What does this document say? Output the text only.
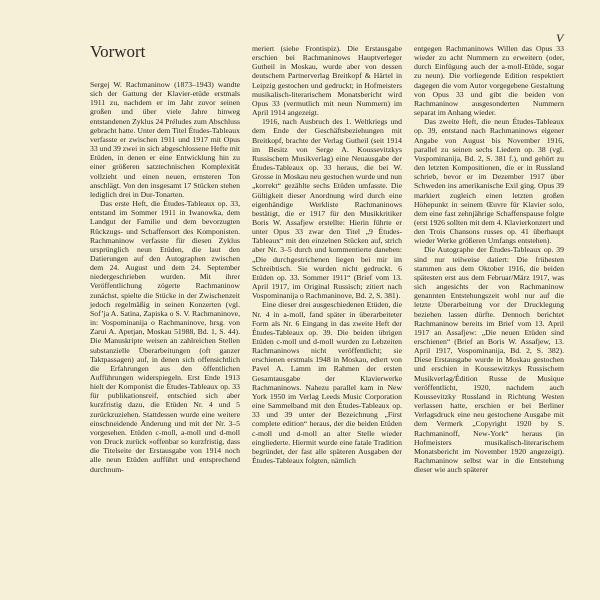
V
Vorwort

Sergej W. Rachmaninow (1873–1943) wandte sich der Gattung der Klavier-etüde erstmals 1911 zu, nachdem er im Jahr zuvor seinen großen und über viele Jahre hinweg entstandenen Zyklus 24 Préludes zum Abschluss gebracht hatte. Unter dem Titel Études-Tableaux verfasste er zwischen 1911 und 1917 mit Opus 33 und 39 zwei in sich abgeschlossene Hefte mit Etüden, in denen er eine Entwicklung hin zu einer größeren satztechnischen Komplexität vollzieht und einen neuen, ernsteren Ton anschlägt. Von den insgesamt 17 Stücken stehen lediglich drei in Dur-Tonarten.

Das erste Heft, die Études-Tableaux op. 33, entstand im Sommer 1911 in Iwanowka, dem Landgut der Familie und dem bevorzugten Rückzugs- und Schaffensort des Komponisten. Rachmaninow verfasste für diesen Zyklus ursprünglich neun Etüden, die laut den Datierungen auf den Autographen zwischen dem 24. August und dem 24. September niedergeschrieben wurden. Mit ihrer Veröffentlichung zögerte Rachmaninow zunächst, spielte die Stücke in der Zwischenzeit jedoch regelmäßig in seinen Konzerten (vgl. Sof’ja A. Satina, Zapiska o S. V. Rachmaninove, in: Vospominanija o Rachmaninove, hrsg. von Zarui A. Apetjan, Moskau 51988, Bd. 1, S. 44). Die Manuskripte weisen an zahlreichen Stellen substanzielle Überarbeitungen (oft ganzer Taktpassagen) auf, in denen sich offensichtlich die Erfahrungen aus den öffentlichen Aufführungen widerspiegeln. Erst Ende 1913 hielt der Komponist die Études-Tableaux op. 33 für publikationsreif, entschied sich aber kurzfristig dazu, die Etüden Nr. 4 und 5 zurückzuziehen. Stattdessen wurde eine weitere einschneidende Änderung und mit der Nr. 3–5 vorgesehen. Etüden c-moll, a-moll und d-moll von Druck zurück »offenbar so kurzfristig, dass die Titelseite der Erstausgabe von 1914 noch alle neun Etüden aufführt und entsprechend durchnum-

meriert (siehe Frontispiz). Die Erstausgabe erschien bei Rachmaninows Hauptverleger Gutheil in Moskau, wurde aber von dessen deutschem Partnerverlag Breitkopf & Härtel in Leipzig gestochen und gedruckt; in Hofmeisters musikalisch-literarischem Monatsbericht wird Opus 33 (vermutlich mit neun Nummern) im April 1914 angezeigt.

1916, nach Ausbruch des 1. Weltkriegs und dem Ende der Geschäftsbeziehungen mit Breitkopf, brachte der Verlag Gutheil (seit 1914 im Besitz von Serge A. Koussevitzkys Russischem Musikverlag) eine Neuausgabe der Études-Tableaux op. 33 heraus, die bei W. Grosse in Moskau neu gestochen wurde und nun „korrekt“ gezählte sechs Etüden umfasste. Die Gültigkeit dieser Anordnung wird durch eine eigenhändige Werkliste Rachmaninows bestätigt, die er 1917 für den Musikkritiker Boris W. Assafjew erstellte: Hierin führte er unter Opus 33 zwar den Titel „9 Études-Tableaux“ mit den einzelnen Stücken auf, strich aber Nr. 3–5 durch und kommentierte daneben: „Die durchgestrichenen liegen bei mir im Schreibtisch. Sie wurden nicht gedruckt. 6 Etüden op. 33. Sommer 1911“ (Brief vom 13. April 1917, im Original Russisch; zitiert nach Vospominanija o Rachmaninove, Bd. 2, S. 381).

Eine dieser drei ausgeschiedenen Etüden, die Nr. 4 in a-moll, fand später in überarbeiteter Form als Nr. 6 Eingang in das zweite Heft der Études-Tableaux op. 39. Die beiden übrigen Etüden c-moll und d-moll wurden zu Lebzeiten Rachmaninows nicht veröffentlicht; sie erschienen erstmals 1948 in Moskau, ediert von Pavel A. Lamm im Rahmen der ersten Gesamtausgabe der Klavierwerke Rachmaninows. Nahezu parallel kam in New York 1950 im Verlag Leeds Music Corporation eine Sammelband mit den Études-Tableaux op. 33 und 39 unter der Bezeichnung „First complete edition“ heraus, der die beiden Etüden c-moll und d-moll an alter Stelle wieder eingliederte. Hiermit wurde eine fatale Tradition begründet, der fast alle späteren Ausgaben der Études-Tableaux folgten, nämlich

entgegen Rachmaninows Willen das Opus 33 wieder zu acht Nummern zu erweitern (oder, durch Einfügung auch der a-moll-Etüde, sogar zu neun). Die vorliegende Edition respektiert dagegen die vom Autor vorgegebene Gestaltung von Opus 33 und gibt die beiden von Rachmaninow ausgesonderten Nummern separat im Anhang wieder.

Das zweite Heft, die neun Études-Tableaux op. 39, entstand nach Rachmaninows eigener Angabe von August bis November 1916, parallel zu seinen sechs Liedern op. 38 (vgl. Vospominanija, Bd. 2, S. 381 f.), und gehört zu den letzten Kompositionen, die er in Russland schrieb, bevor er im Dezember 1917 über Schweden ins amerikanische Exil ging. Opus 39 markiert zugleich einen letzten großen Höhepunkt in seinem Œuvre für Klavier solo, dem eine fast zehnjährige Schaffenspause folgte (erst 1926 sollten mit dem 4. Klavierkonzert und den Trois Chansons russes op. 41 überhaupt wieder Werke größeren Umfangs entstehen).

Die Autographe der Études-Tableaux op. 39 sind nur teilweise datiert: Die frühesten stammen aus dem Oktober 1916, die beiden spätesten erst aus dem Februar/März 1917, was sich angesichts der von Rachmaninow genannten Entstehungszeit wohl nur auf die letzte Überarbeitung vor der Drucklegung beziehen lassen dürfte. Dennoch berichtet Rachmaninow bereits im Brief vom 13. April 1917 an Assafjew: „Die neuen Etüden sind erschienen“ (Brief an Boris W. Assafjew, 13. April 1917, Vospominanija, Bd. 2, S. 382). Diese Erstausgabe wurde in Moskau gestochen und erschien in Koussewitzkys Russischem Musikverlag/Édition Russe de Musique veröffentlicht, 1920, nachdem auch Koussevitzky Russland in Richtung Westen verlassen hatte, erschien er bei Berliner Verlagsdruck eine neu gestochene Ausgabe mit dem Vermerk „Copyright 1920 by S. Rachmaninoff, New-York“ heraus (in Hofmeisters musikalisch-literarischem Monatsbericht im November 1920 angezeigt). Rachmaninow selbst war in die Entstehung dieser wie auch späterer
